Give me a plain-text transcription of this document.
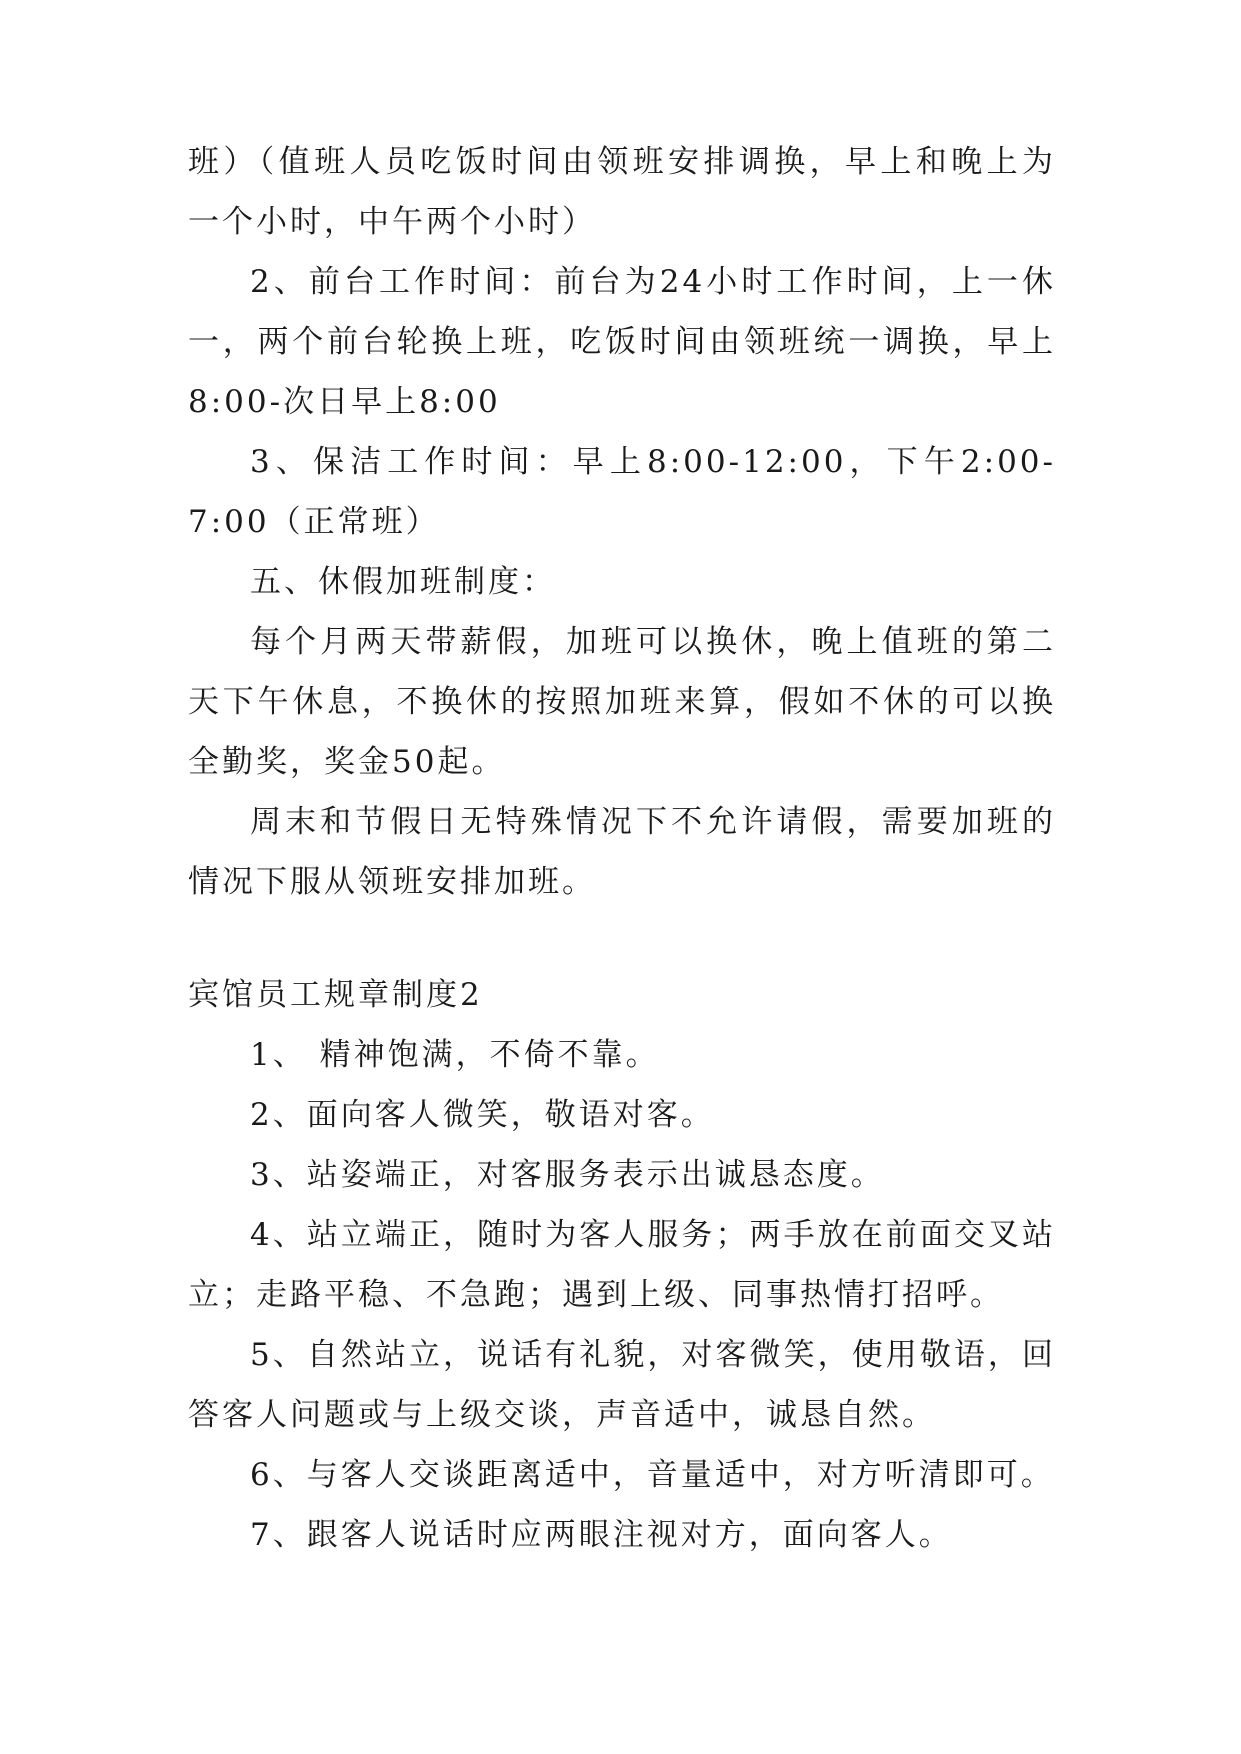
班）（值班人员吃饭时间由领班安排调换，早上和晚上为一个小时，中午两个小时）

2、前台工作时间：前台为24小时工作时间，上一休一，两个前台轮换上班，吃饭时间由领班统一调换，早上8:00-次日早上8:00

3、保洁工作时间：早上8:00-12:00，下午2:00-7:00（正常班）

五、休假加班制度：

每个月两天带薪假，加班可以换休，晚上值班的第二天下午休息，不换休的按照加班来算，假如不休的可以换全勤奖，奖金50起。

周末和节假日无特殊情况下不允许请假，需要加班的情况下服从领班安排加班。

宾馆员工规章制度2

1、 精神饱满，不倚不靠。

2、面向客人微笑，敬语对客。

3、站姿端正，对客服务表示出诚恳态度。

4、站立端正，随时为客人服务；两手放在前面交叉站立；走路平稳、不急跑；遇到上级、同事热情打招呼。

5、自然站立，说话有礼貌，对客微笑，使用敬语，回答客人问题或与上级交谈，声音适中，诚恳自然。

6、与客人交谈距离适中，音量适中，对方听清即可。

7、跟客人说话时应两眼注视对方，面向客人。
